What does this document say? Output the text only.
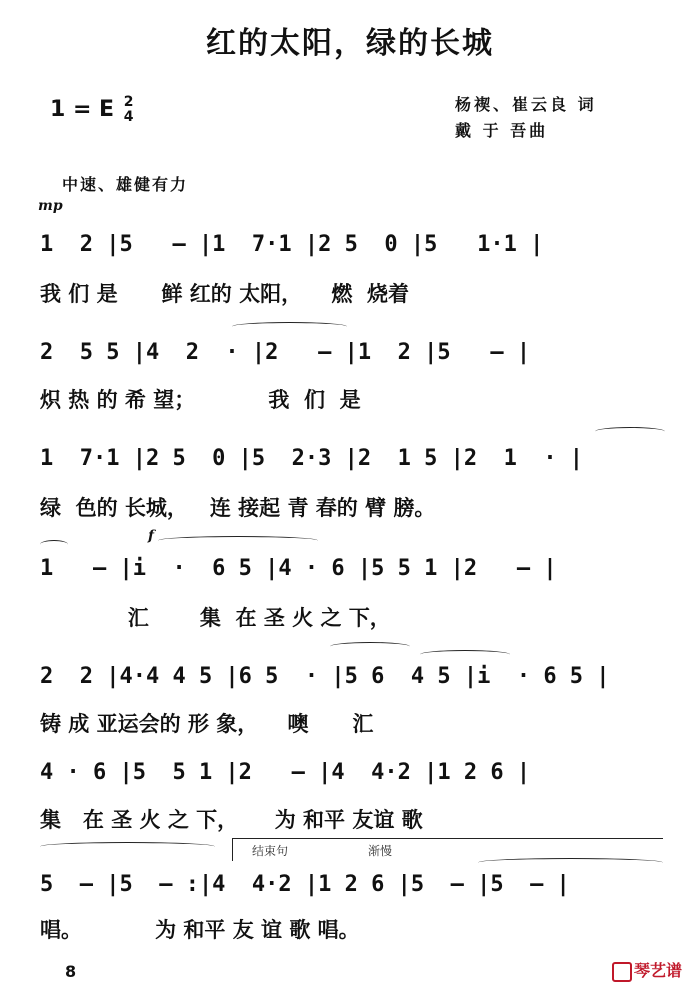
红的太阳，绿的长城
1 = E 2
4
杨禊、崔云良 词
戴 于 吾曲
中速、雄健有力
mp
1  2 |5   — |1  7·1 |2 5  0 |5   1·1 |
我 们 是      鲜 红的 太阳，    燃  烧着
2  5 5 |4  2  · |2   — |1  2 |5   — |
炽 热 的 希 望；          我  们  是
1  7·1 |2 5  0 |5  2·3 |2  1 5 |2  1  · |
绿  色的 长城，   连 接起 青 春的 臂 膀。
f
1   — |i  ·  6 5 |4 · 6 |5 5 1 |2   — |
汇       集  在 圣 火 之 下，
2  2 |4·4 4 5 |6 5  · |5 6  4 5 |i  · 6 5 |
铸 成 亚运会的 形 象，    噢      汇
4 · 6 |5  5 1 |2   — |4  4·2 |1 2 6 |
集   在 圣 火 之 下，     为 和平 友谊 歌
结束句	渐慢
5  — |5  — :|4  4·2 |1 2 6 |5  — |5  — |
唱。          为 和平 友 谊 歌 唱。
8	琴艺谱
